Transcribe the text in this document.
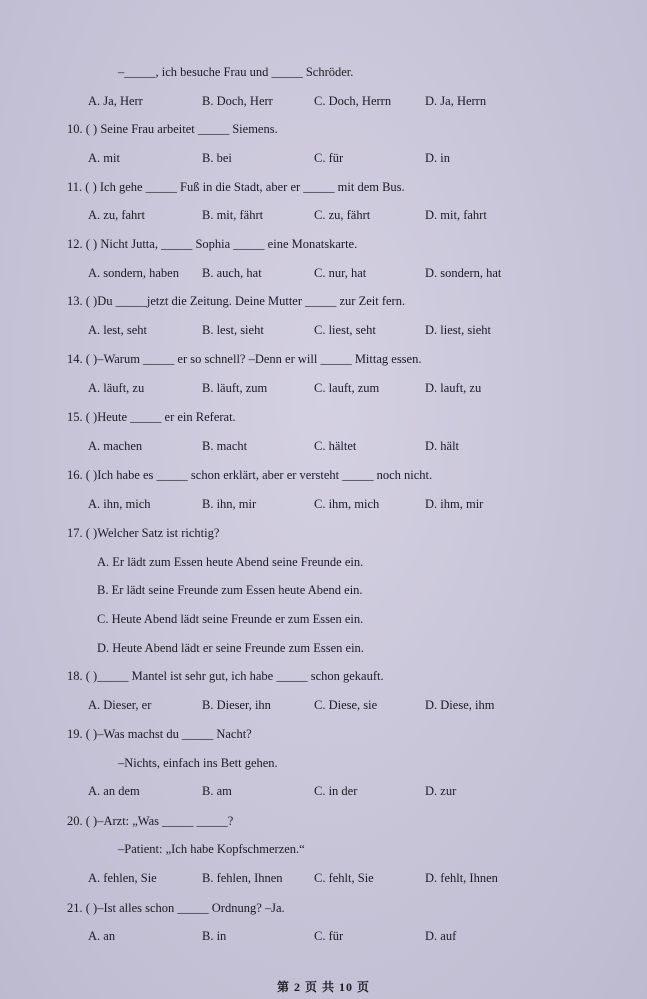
–_____, ich besuche Frau und _____ Schröder.
A. Ja, Herr	B. Doch, Herr	C. Doch, Herrn	D. Ja, Herrn
10. ( ) Seine Frau arbeitet _____ Siemens.
A. mit	B. bei	C. für	D. in
11. ( ) Ich gehe _____ Fuß in die Stadt, aber er _____ mit dem Bus.
A. zu, fahrt	B. mit, fährt	C. zu, fährt	D. mit, fahrt
12. ( ) Nicht Jutta, _____ Sophia _____ eine Monatskarte.
A. sondern, haben B. auch, hat	C. nur, hat	D. sondern, hat
13. ( )Du _____jetzt die Zeitung. Deine Mutter _____ zur Zeit fern.
A. lest, seht	B. lest, sieht	C. liest, seht	D. liest, sieht
14. ( )–Warum _____ er so schnell? –Denn er will _____ Mittag essen.
A. läuft, zu	B. läuft, zum	C. lauft, zum	D. lauft, zu
15. ( )Heute _____ er ein Referat.
A. machen	B. macht	C. hältet	D. hält
16. ( )Ich habe es _____ schon erklärt, aber er versteht _____ noch nicht.
A. ihn, mich	B. ihn, mir	C. ihm, mich	D. ihm, mir
17. ( )Welcher Satz ist richtig?
A. Er lädt zum Essen heute Abend seine Freunde ein.
B. Er lädt seine Freunde zum Essen heute Abend ein.
C. Heute Abend lädt seine Freunde er zum Essen ein.
D. Heute Abend lädt er seine Freunde zum Essen ein.
18. ( )_____ Mantel ist sehr gut, ich habe _____ schon gekauft.
A. Dieser, er	B. Dieser, ihn	C. Diese, sie	D. Diese, ihm
19. ( )–Was machst du _____ Nacht?
–Nichts, einfach ins Bett gehen.
A. an dem	B. am	C. in der	D. zur
20. ( )–Arzt: „Was _____ _____?
–Patient: „Ich habe Kopfschmerzen.“
A. fehlen, Sie	B. fehlen, Ihnen	C. fehlt, Sie	D. fehlt, Ihnen
21. ( )–Ist alles schon _____ Ordnung? –Ja.
A. an	B. in	C. für	D. auf
第 2 页 共 10 页
